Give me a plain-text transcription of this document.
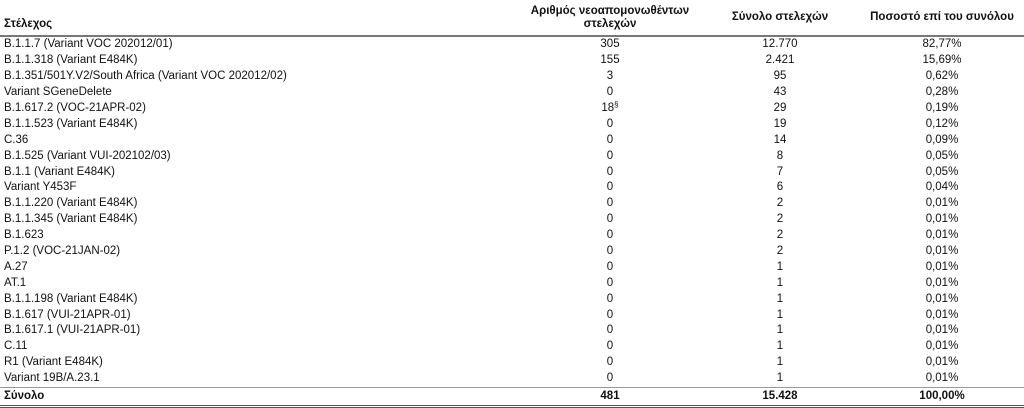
Στέλεχος	Αριθμός νεοαπομονωθέντων στελεχών	Σύνολο στελεχών	Ποσοστό επί του συνόλου
B.1.1.7 (Variant VOC 202012/01)	305	12.770	82,77%
B.1.1.318 (Variant E484K)	155	2.421	15,69%
B.1.351/501Y.V2/South Africa (Variant VOC 202012/02)	3	95	0,62%
Variant SGeneDelete	0	43	0,28%
B.1.617.2 (VOC-21APR-02)	18§	29	0,19%
B.1.1.523 (Variant E484K)	0	19	0,12%
C.36	0	14	0,09%
B.1.525 (Variant VUI-202102/03)	0	8	0,05%
B.1.1 (Variant E484K)	0	7	0,05%
Variant Y453F	0	6	0,04%
B.1.1.220 (Variant E484K)	0	2	0,01%
B.1.1.345 (Variant E484K)	0	2	0,01%
B.1.623	0	2	0,01%
P.1.2 (VOC-21JAN-02)	0	2	0,01%
A.27	0	1	0,01%
AT.1	0	1	0,01%
B.1.1.198 (Variant E484K)	0	1	0,01%
B.1.617 (VUI-21APR-01)	0	1	0,01%
B.1.617.1 (VUI-21APR-01)	0	1	0,01%
C.11	0	1	0,01%
R1 (Variant E484K)	0	1	0,01%
Variant 19B/A.23.1	0	1	0,01%
Σύνολο	481	15.428	100,00%
